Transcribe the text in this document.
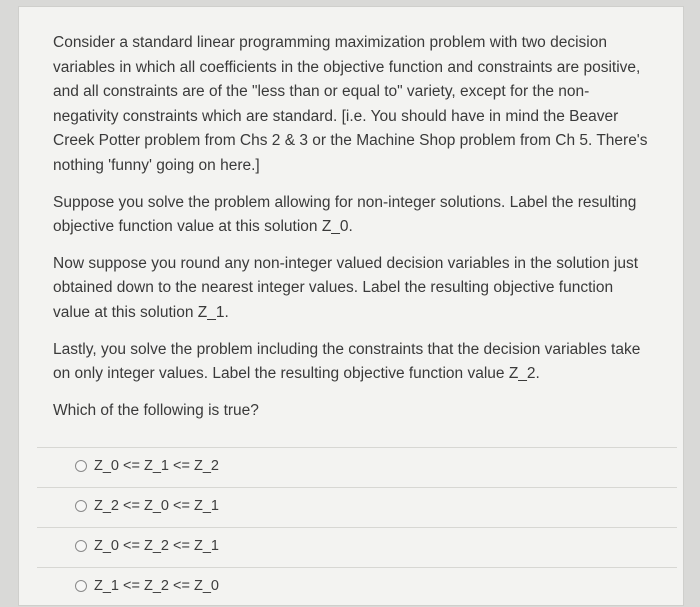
Consider a standard linear programming maximization problem with two decision variables in which all coefficients in the objective function and constraints are positive, and all constraints are of the "less than or equal to" variety, except for the non-negativity constraints which are standard. [i.e. You should have in mind the Beaver Creek Potter problem from Chs 2 & 3 or the Machine Shop problem from Ch 5. There's nothing 'funny' going on here.]

Suppose you solve the problem allowing for non-integer solutions. Label the resulting objective function value at this solution Z_0.

Now suppose you round any non-integer valued decision variables in the solution just obtained down to the nearest integer values. Label the resulting objective function value at this solution Z_1.

Lastly, you solve the problem including the constraints that the decision variables take on only integer values. Label the resulting objective function value Z_2.

Which of the following is true?

Z_0 <= Z_1 <= Z_2
Z_2 <= Z_0 <= Z_1
Z_0 <= Z_2 <= Z_1
Z_1 <= Z_2 <= Z_0
